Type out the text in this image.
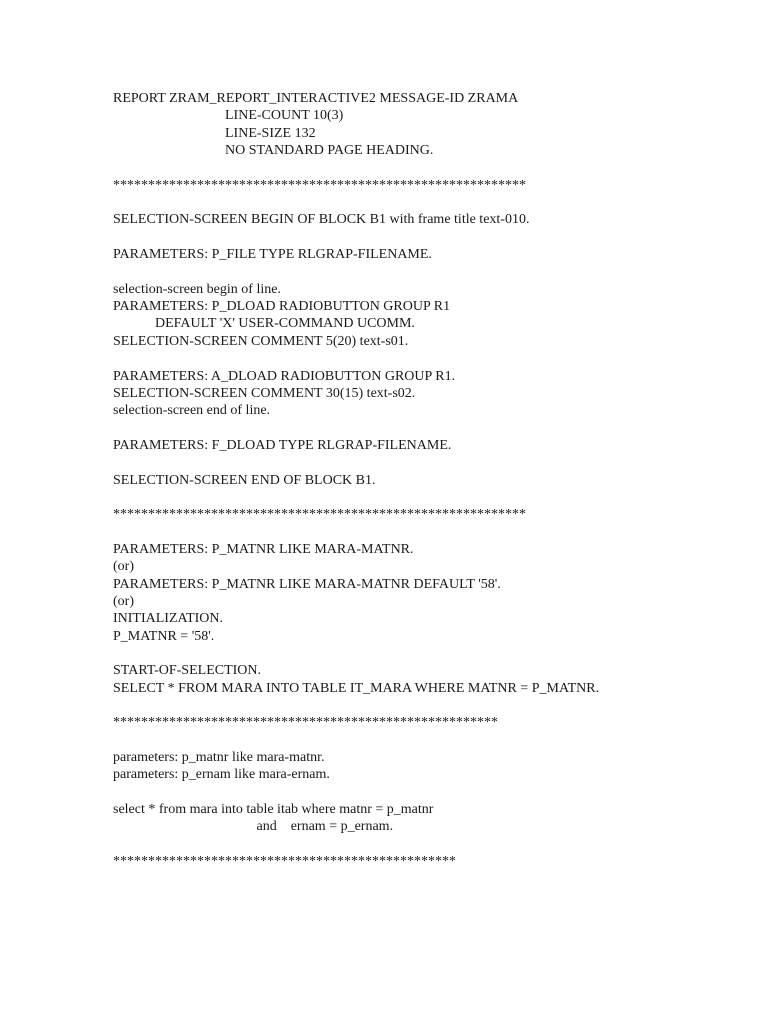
REPORT ZRAM_REPORT_INTERACTIVE2 MESSAGE-ID ZRAMA
LINE-COUNT 10(3)
LINE-SIZE 132
NO STANDARD PAGE HEADING.

***********************************************************

SELECTION-SCREEN BEGIN OF BLOCK B1 with frame title text-010.

PARAMETERS: P_FILE TYPE RLGRAP-FILENAME.

selection-screen begin of line.
PARAMETERS: P_DLOAD RADIOBUTTON GROUP R1
DEFAULT 'X' USER-COMMAND UCOMM.
SELECTION-SCREEN COMMENT 5(20) text-s01.

PARAMETERS: A_DLOAD RADIOBUTTON GROUP R1.
SELECTION-SCREEN COMMENT 30(15) text-s02.
selection-screen end of line.

PARAMETERS: F_DLOAD TYPE RLGRAP-FILENAME.

SELECTION-SCREEN END OF BLOCK B1.

***********************************************************

PARAMETERS: P_MATNR LIKE MARA-MATNR.
(or)
PARAMETERS: P_MATNR LIKE MARA-MATNR DEFAULT '58'.
(or)
INITIALIZATION.
P_MATNR = '58'.

START-OF-SELECTION.
SELECT * FROM MARA INTO TABLE IT_MARA WHERE MATNR = P_MATNR.

*******************************************************

parameters: p_matnr like mara-matnr.
parameters: p_ernam like mara-ernam.

select * from mara into table itab where matnr = p_matnr
and    ernam = p_ernam.

*************************************************
